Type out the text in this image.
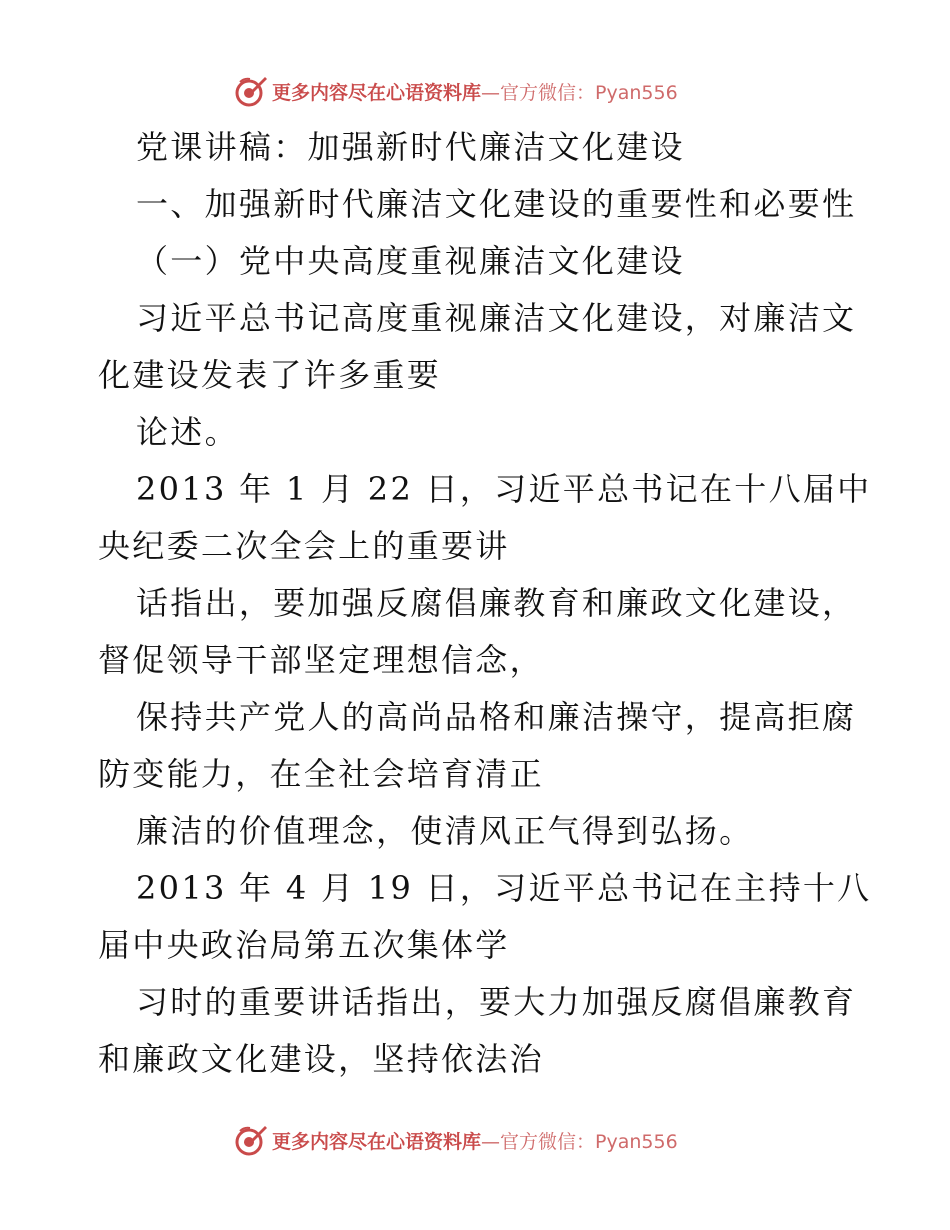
更多内容尽在心语资料库 —官方微信：Pyan556
党课讲稿：加强新时代廉洁文化建设
一、加强新时代廉洁文化建设的重要性和必要性
（一）党中央高度重视廉洁文化建设
习近平总书记高度重视廉洁文化建设，对廉洁文
化建设发表了许多重要
论述。
2013 年 1 月 22 日，习近平总书记在十八届中
央纪委二次全会上的重要讲
话指出，要加强反腐倡廉教育和廉政文化建设，
督促领导干部坚定理想信念，
保持共产党人的高尚品格和廉洁操守，提高拒腐
防变能力，在全社会培育清正
廉洁的价值理念，使清风正气得到弘扬。
2013 年 4 月 19 日，习近平总书记在主持十八
届中央政治局第五次集体学
习时的重要讲话指出，要大力加强反腐倡廉教育
和廉政文化建设，坚持依法治
更多内容尽在心语资料库 —官方微信：Pyan556
